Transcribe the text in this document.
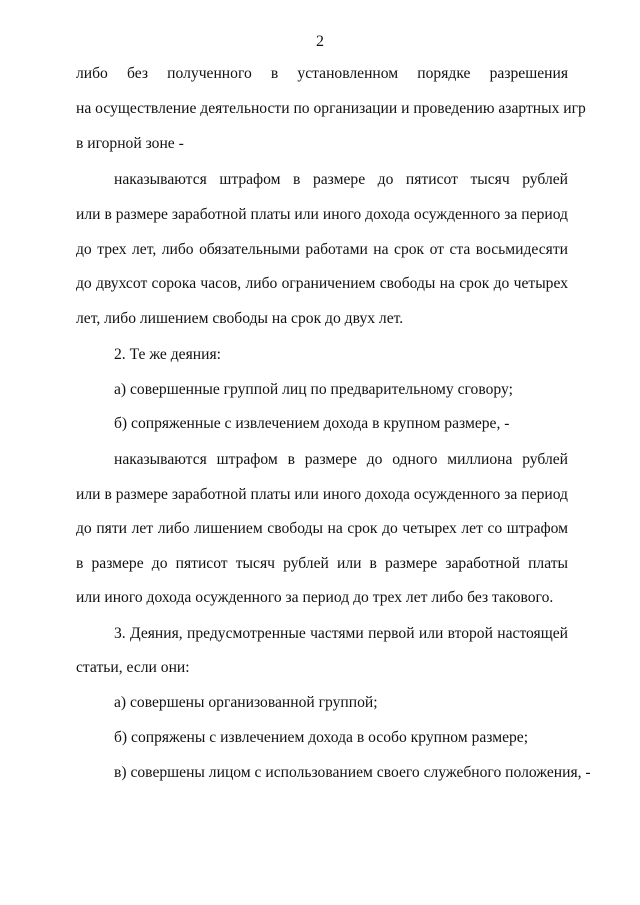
2
либо без полученного в установленном порядке разрешения
на осуществление деятельности по организации и проведению азартных игр
в игорной зоне -
наказываются штрафом в размере до пятисот тысяч рублей
или в размере заработной платы или иного дохода осужденного за период
до трех лет, либо обязательными работами на срок от ста восьмидесяти
до двухсот сорока часов, либо ограничением свободы на срок до четырех
лет, либо лишением свободы на срок до двух лет.
2. Те же деяния:
а) совершенные группой лиц по предварительному сговору;
б) сопряженные с извлечением дохода в крупном размере, -
наказываются штрафом в размере до одного миллиона рублей
или в размере заработной платы или иного дохода осужденного за период
до пяти лет либо лишением свободы на срок до четырех лет со штрафом
в размере до пятисот тысяч рублей или в размере заработной платы
или иного дохода осужденного за период до трех лет либо без такового.
3. Деяния, предусмотренные частями первой или второй настоящей
статьи, если они:
а) совершены организованной группой;
б) сопряжены с извлечением дохода в особо крупном размере;
в) совершены лицом с использованием своего служебного положения, -
